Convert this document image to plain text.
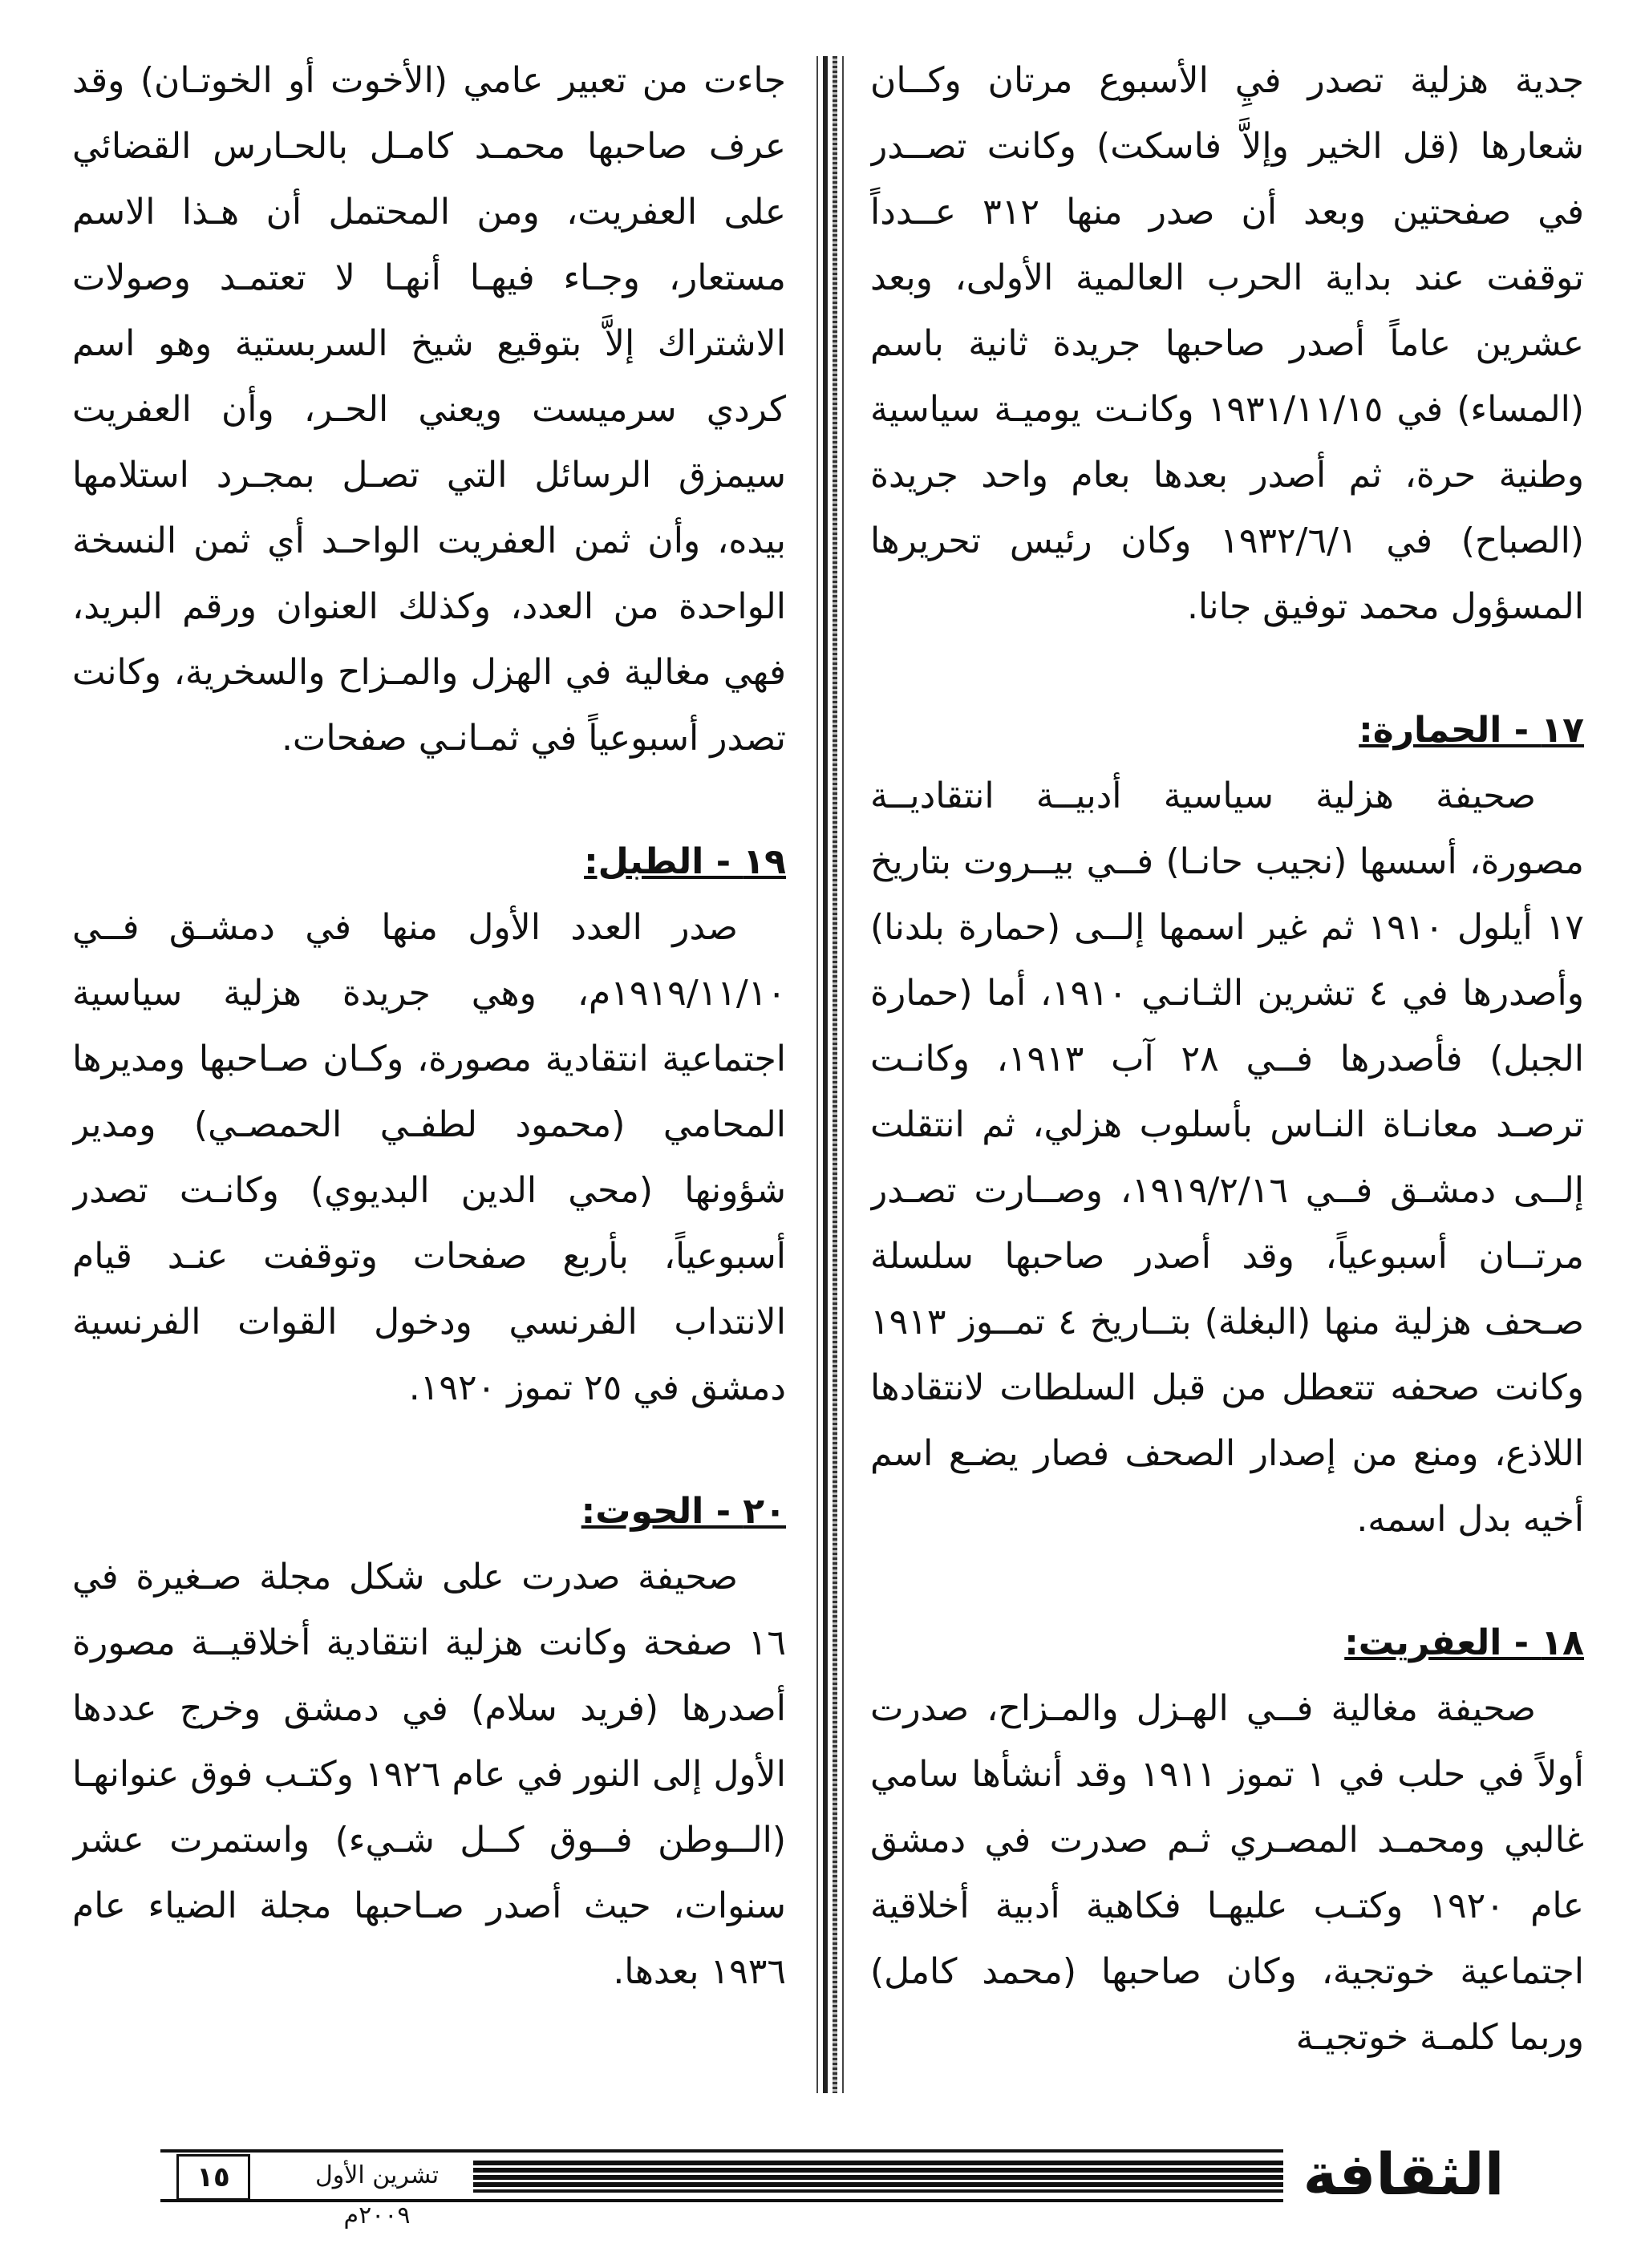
جدية هزلية تصدر فيِ الأسبوع مرتان وكــان شعارها (قل الخير وإلاَّ فاسكت) وكانت تصــدر في صفحتين وبعد أن صدر منها ٣١٢ عــدداً توقفت عند بداية الحرب العالمية الأولى، وبعد عشرين عاماً أصدر صاحبها جريدة ثانية باسم (المساء) في ١٩٣١/١١/١٥ وكانـت يوميـة سياسية وطنية حرة، ثم أصدر بعدها بعام واحد جريدة (الصباح) في ١٩٣٢/٦/١ وكان رئيس تحريرها المسؤول محمد توفيق جانا.

١٧ - الحمارة:

صحيفة هزلية سياسية أدبيــة انتقاديــة مصورة، أسسها (نجيب حانـا) فــي بيــروت بتاريخ ١٧ أيلول ١٩١٠ ثم غير اسمها إلــى (حمارة بلدنا) وأصدرها في ٤ تشرين الثـانـي ١٩١٠، أما (حمارة الجبل) فأصدرها فــي ٢٨ آب ١٩١٣، وكانـت ترصـد معانـاة النـاس بأسلوب هزلي، ثم انتقلت إلــى دمشـق فــي ١٩١٩/٢/١٦، وصــارت تصـدر مرتــان أسبوعياً، وقد أصدر صاحبها سلسلة صـحف هزلية منها (البغلة) بتــاريخ ٤ تمــوز ١٩١٣ وكانت صحفه تتعطل من قبل السلطات لانتقادها اللاذع، ومنع من إصدار الصحف فصار يضـع اسم أخيه بدل اسمه.

١٨ - العفريت:

صحيفة مغالية فــي الهـزل والمـزاح، صدرت أولاً في حلب في ١ تموز ١٩١١ وقد أنشأها سامي غالبي ومحمـد المصـري ثـم صدرت في دمشق عام ١٩٢٠ وكتـب عليهـا فكاهية أدبية أخلاقية اجتماعية خوتجية، وكان صاحبها (محمد كامل) وربما كلمـة خوتجيـة

جاءت من تعبير عامي (الأخوت أو الخوتـان) وقد عرف صاحبها محمـد كامـل بالحـارس القضائي على العفريت، ومن المحتمل أن هـذا الاسم مستعار، وجـاء فيهـا أنهـا لا تعتمـد وصولات الاشتراك إلاَّ بتوقيع شيخ السربستية وهو اسم كردي سرميست ويعني الحـر، وأن العفريت سيمزق الرسائل التي تصـل بمجـرد استلامها بيده، وأن ثمن العفريت الواحـد أي ثمن النسخة الواحدة من العدد، وكذلك العنوان ورقم البريد، فهي مغالية في الهزل والمـزاح والسخرية، وكانت تصدر أسبوعياً في ثمـانـي صفحات.

١٩ - الطبل:

صدر العدد الأول منها في دمشـق فــي ١٩١٩/١١/١٠م، وهي جريدة هزلية سياسية اجتماعية انتقادية مصورة، وكـان صـاحبها ومديرها المحامي (محمود لطفـي الحمصـي) ومدير شؤونها (محي الدين البديوي) وكانـت تصدر أسبوعياً، بأربع صفحات وتوقفت عنـد قيام الانتداب الفرنسي ودخول القوات الفرنسية دمشق في ٢٥ تموز ١٩٢٠.

٢٠ - الحوت:

صحيفة صدرت على شكل مجلة صـغيرة في ١٦ صفحة وكانت هزلية انتقادية أخلاقيــة مصورة أصدرها (فريد سلام) في دمشق وخرج عددها الأول إلى النور في عام ١٩٢٦ وكتـب فوق عنوانهـا (الــوطن فــوق كــل شـيء) واستمرت عشر سنوات، حيث أصدر صـاحبها مجلة الضياء عام ١٩٣٦ بعدها.

١٥	تشرين الأول ٢٠٠٩م
الثقافة
